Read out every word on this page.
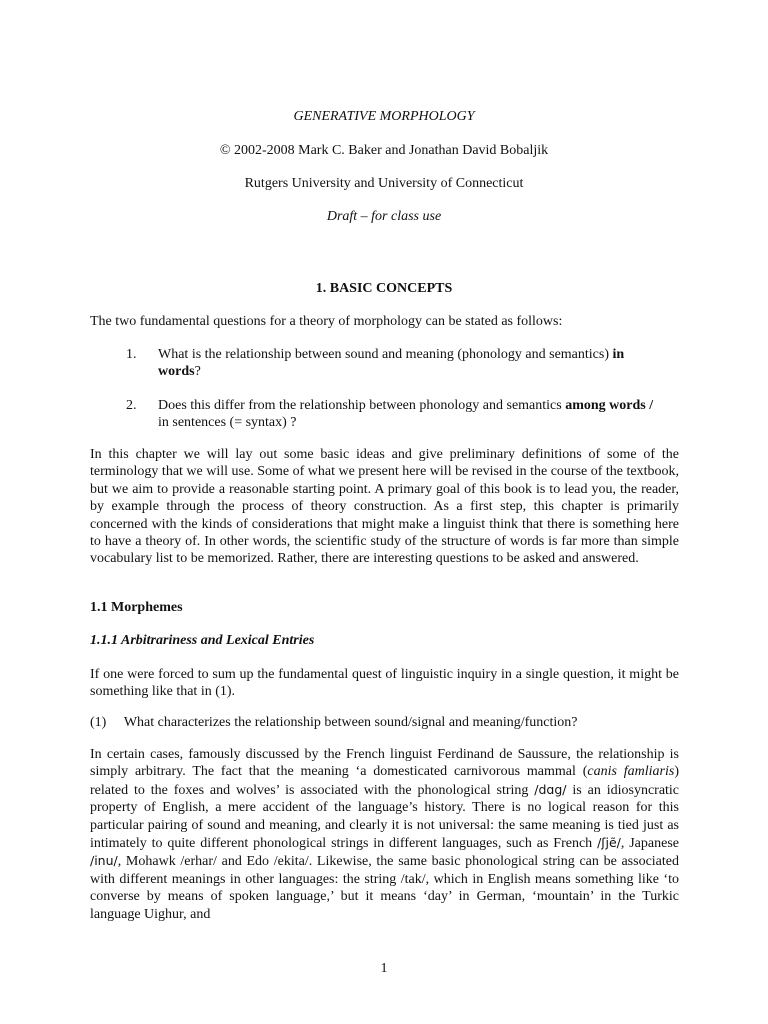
GENERATIVE MORPHOLOGY
© 2002-2008 Mark C. Baker and Jonathan David Bobaljik
Rutgers University and University of Connecticut
Draft – for class use
1. BASIC CONCEPTS
The two fundamental questions for a theory of morphology can be stated as follows:
1. What is the relationship between sound and meaning (phonology and semantics) in
words?
2. Does this differ from the relationship between phonology and semantics among words /
in sentences (= syntax) ?
In this chapter we will lay out some basic ideas and give preliminary definitions of some of the terminology that we will use. Some of what we present here will be revised in the course of the textbook, but we aim to provide a reasonable starting point. A primary goal of this book is to lead you, the reader, by example through the process of theory construction. As a first step, this chapter is primarily concerned with the kinds of considerations that might make a linguist think that there is something here to have a theory of. In other words, the scientific study of the structure of words is far more than simple vocabulary list to be memorized. Rather, there are interesting questions to be asked and answered.
1.1 Morphemes
1.1.1 Arbitrariness and Lexical Entries
If one were forced to sum up the fundamental quest of linguistic inquiry in a single question, it might be something like that in (1).
(1) What characterizes the relationship between sound/signal and meaning/function?
In certain cases, famously discussed by the French linguist Ferdinand de Saussure, the relationship is simply arbitrary. The fact that the meaning ‘a domesticated carnivorous mammal (canis famliaris) related to the foxes and wolves’ is associated with the phonological string /dɑg/ is an idiosyncratic property of English, a mere accident of the language’s history. There is no logical reason for this particular pairing of sound and meaning, and clearly it is not universal: the same meaning is tied just as intimately to quite different phonological strings in different languages, such as French /ʃjẽ/, Japanese /inu/, Mohawk /erhar/ and Edo /ekita/. Likewise, the same basic phonological string can be associated with different meanings in other languages: the string /tak/, which in English means something like ‘to converse by means of spoken language,’ but it means ‘day’ in German, ‘mountain’ in the Turkic language Uighur, and
1
